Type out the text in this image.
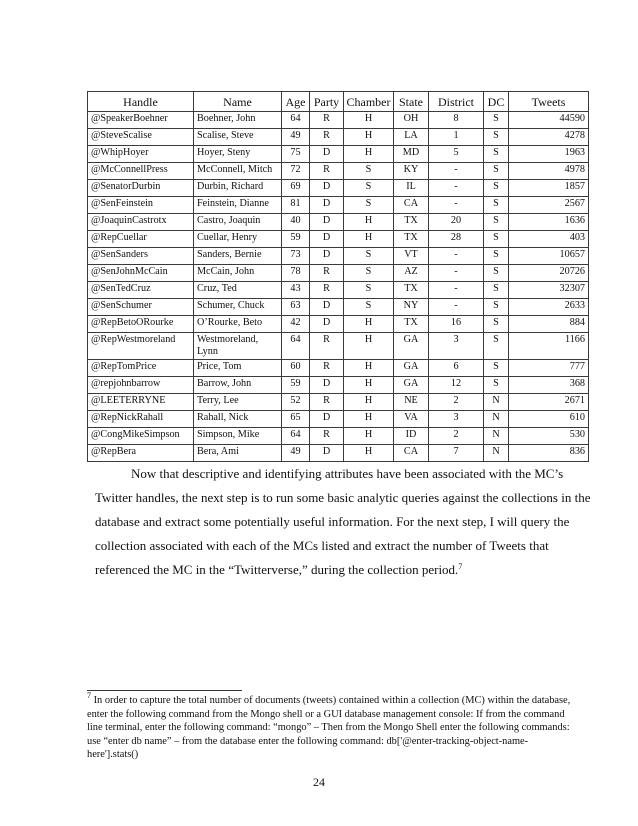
Handle	Name	Age	Party	Chamber	State	District	DC	Tweets
@SpeakerBoehner	Boehner, John	64	R	H	OH	8	S	44590
@SteveScalise	Scalise, Steve	49	R	H	LA	1	S	4278
@WhipHoyer	Hoyer, Steny	75	D	H	MD	5	S	1963
@McConnellPress	McConnell, Mitch	72	R	S	KY	-	S	4978
@SenatorDurbin	Durbin, Richard	69	D	S	IL	-	S	1857
@SenFeinstein	Feinstein, Dianne	81	D	S	CA	-	S	2567
@JoaquinCastrotx	Castro, Joaquin	40	D	H	TX	20	S	1636
@RepCuellar	Cuellar, Henry	59	D	H	TX	28	S	403
@SenSanders	Sanders, Bernie	73	D	S	VT	-	S	10657
@SenJohnMcCain	McCain, John	78	R	S	AZ	-	S	20726
@SenTedCruz	Cruz, Ted	43	R	S	TX	-	S	32307
@SenSchumer	Schumer, Chuck	63	D	S	NY	-	S	2633
@RepBetoORourke	O’Rourke, Beto	42	D	H	TX	16	S	884
@RepWestmoreland	Westmoreland, Lynn	64	R	H	GA	3	S	1166
@RepTomPrice	Price, Tom	60	R	H	GA	6	S	777
@repjohnbarrow	Barrow, John	59	D	H	GA	12	S	368
@LEETERRYNE	Terry, Lee	52	R	H	NE	2	N	2671
@RepNickRahall	Rahall, Nick	65	D	H	VA	3	N	610
@CongMikeSimpson	Simpson, Mike	64	R	H	ID	2	N	530
@RepBera	Bera, Ami	49	D	H	CA	7	N	836
Now that descriptive and identifying attributes have been associated with the MC’s
Twitter handles, the next step is to run some basic analytic queries against the collections in the
database and extract some potentially useful information. For the next step, I will query the
collection associated with each of the MCs listed and extract the number of Tweets that
referenced the MC in the “Twitterverse,” during the collection period.$^7$
$^7$ In order to capture the total number of documents (tweets) contained within a collection (MC) within the database,
enter the following command from the Mongo shell or a GUI database management console: If from the command
line terminal, enter the following command: “mongo” – Then from the Mongo Shell enter the following commands:
use “enter db name” – from the database enter the following command: db['@enter-tracking-object-name-
here'].stats()
24
